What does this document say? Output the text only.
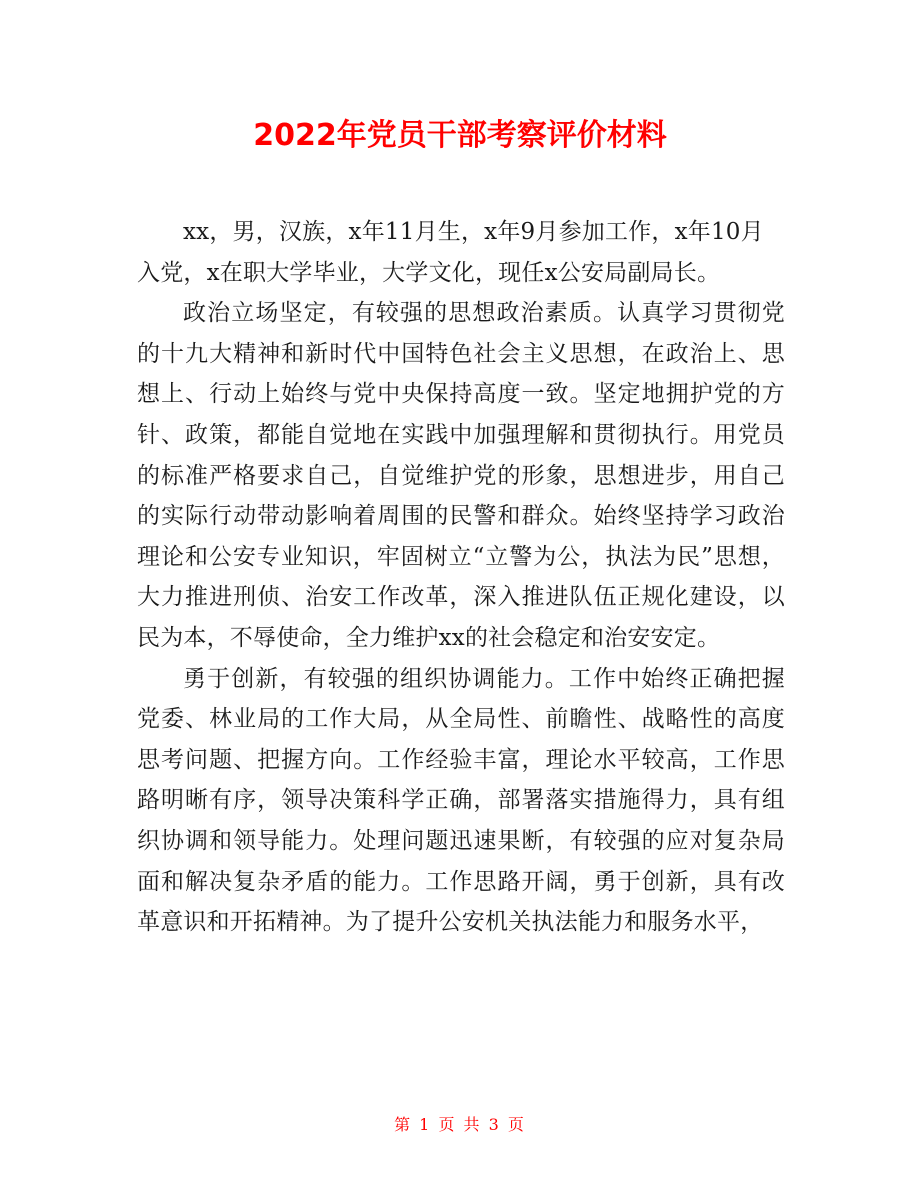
2022年党员干部考察评价材料

xx，男，汉族，x年11月生，x年9月参加工作，x年10月入党，x在职大学毕业，大学文化，现任x公安局副局长。

政治立场坚定，有较强的思想政治素质。认真学习贯彻党的十九大精神和新时代中国特色社会主义思想，在政治上、思想上、行动上始终与党中央保持高度一致。坚定地拥护党的方针、政策，都能自觉地在实践中加强理解和贯彻执行。用党员的标准严格要求自己，自觉维护党的形象，思想进步，用自己的实际行动带动影响着周围的民警和群众。始终坚持学习政治理论和公安专业知识，牢固树立“立警为公，执法为民”思想，大力推进刑侦、治安工作改革，深入推进队伍正规化建设，以民为本，不辱使命，全力维护xx的社会稳定和治安安定。

勇于创新，有较强的组织协调能力。工作中始终正确把握党委、林业局的工作大局，从全局性、前瞻性、战略性的高度思考问题、把握方向。工作经验丰富，理论水平较高，工作思路明晰有序，领导决策科学正确，部署落实措施得力，具有组织协调和领导能力。处理问题迅速果断，有较强的应对复杂局面和解决复杂矛盾的能力。工作思路开阔，勇于创新，具有改革意识和开拓精神。为了提升公安机关执法能力和服务水平，

第 1 页 共 3 页
